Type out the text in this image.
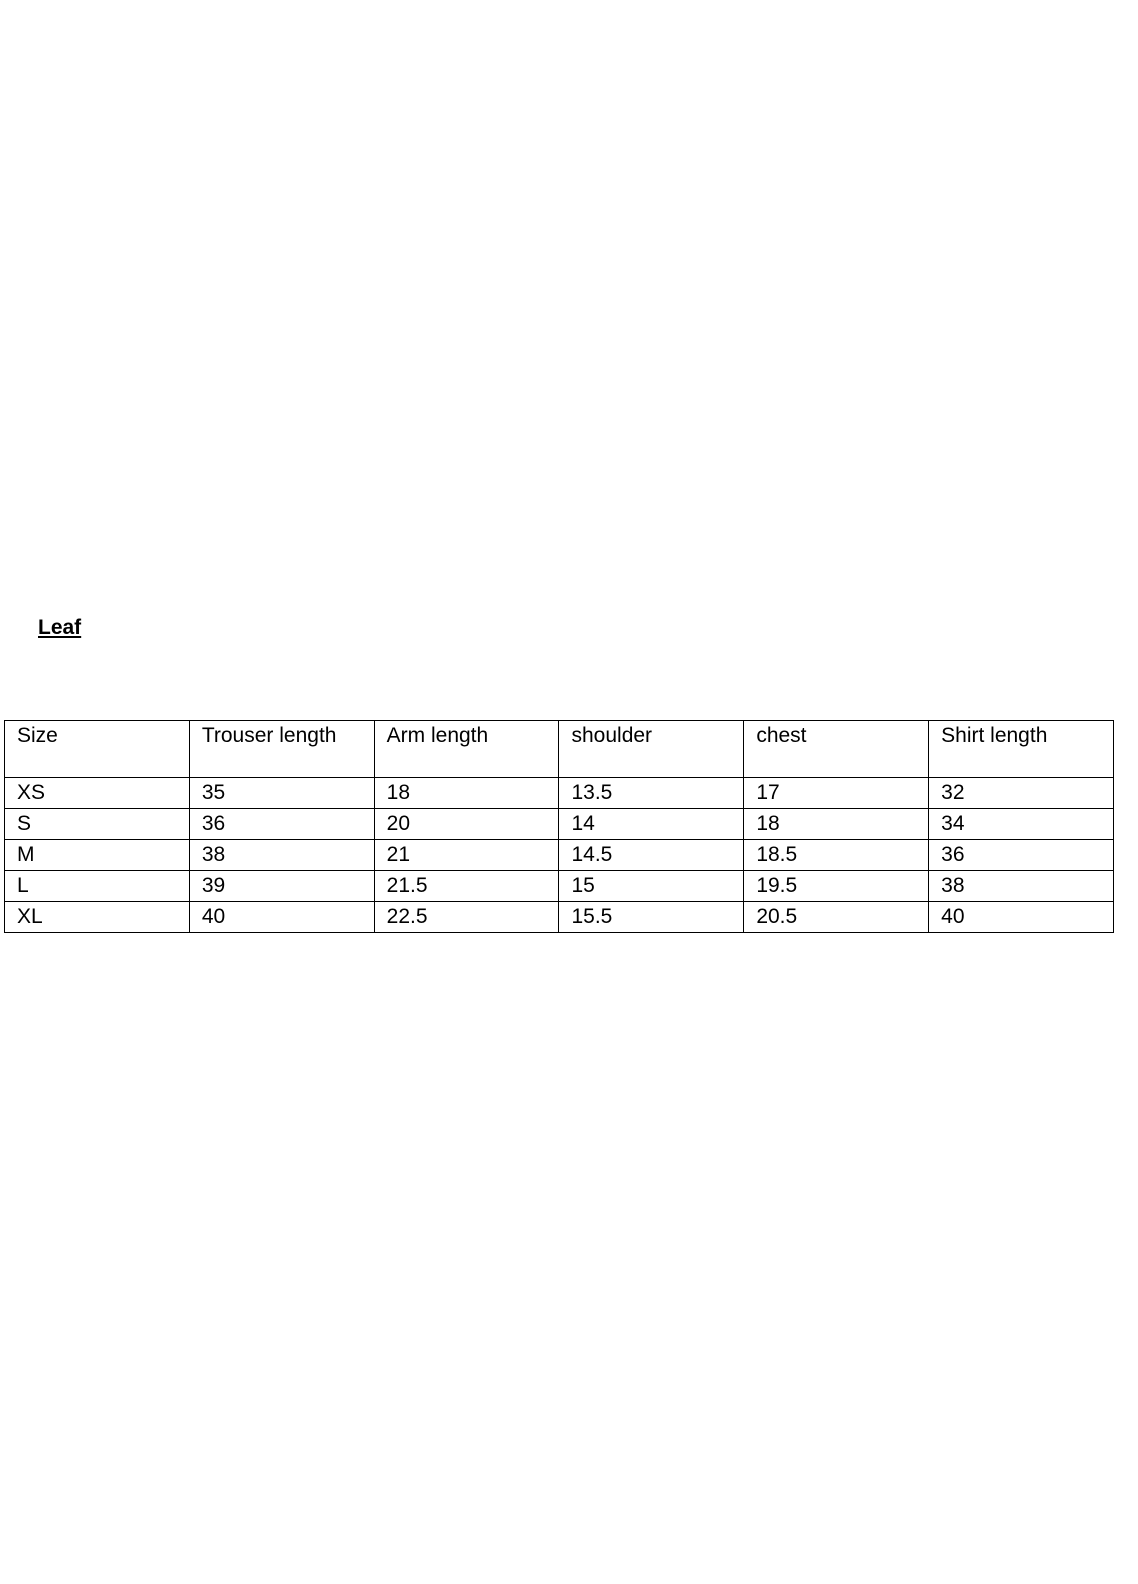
Leaf
Size	Trouser length	Arm length	shoulder	chest	Shirt length
XS	35	18	13.5	17	32
S	36	20	14	18	34
M	38	21	14.5	18.5	36
L	39	21.5	15	19.5	38
XL	40	22.5	15.5	20.5	40
